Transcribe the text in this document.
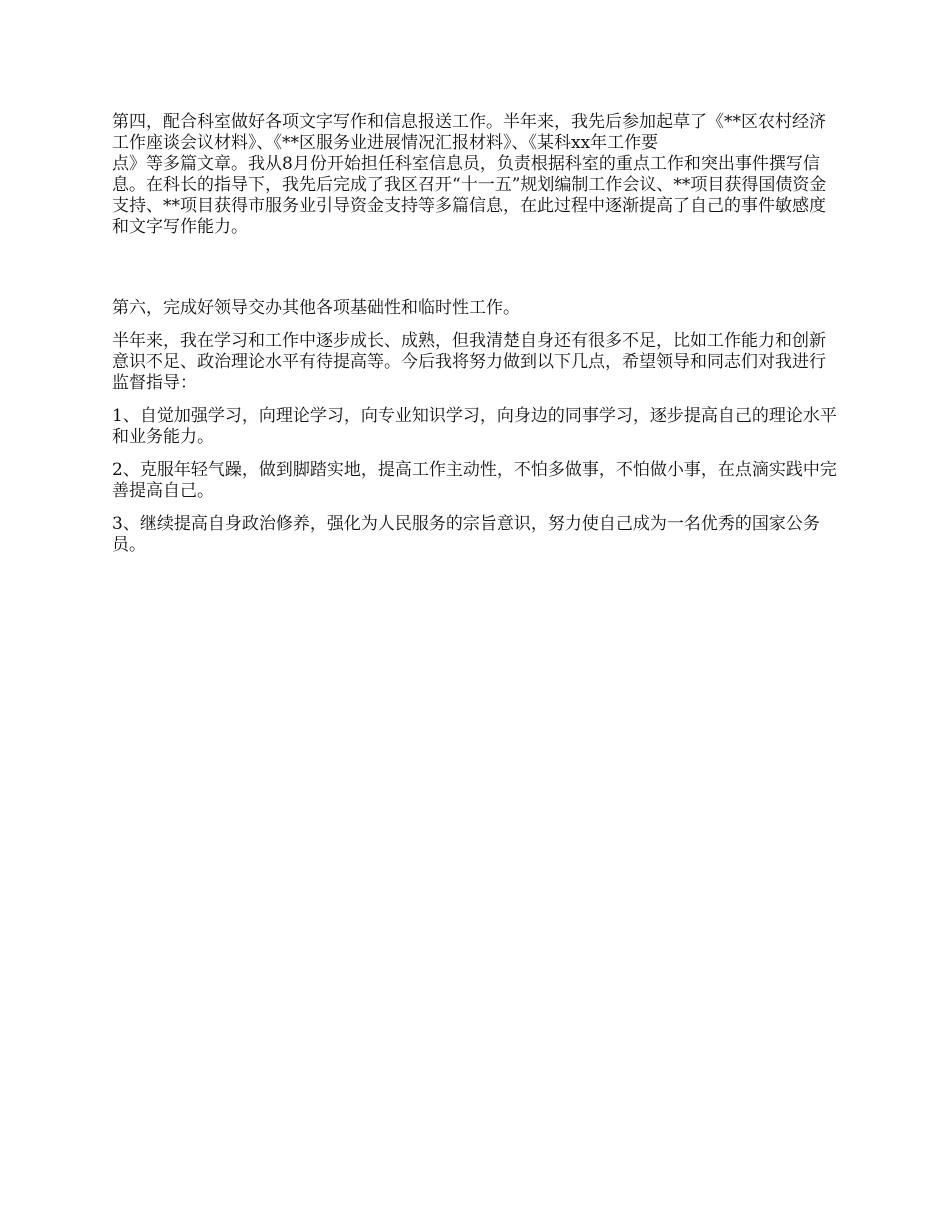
第四，配合科室做好各项文字写作和信息报送工作。半年来，我先后参加起草了《**区农村经济工作座谈会议材料》、《**区服务业进展情况汇报材料》、《某科xx年工作要
点》等多篇文章。我从8月份开始担任科室信息员，负责根据科室的重点工作和突出事件撰写信息。在科长的指导下，我先后完成了我区召开“十一五”规划编制工作会议、**项目获得国债资金支持、**项目获得市服务业引导资金支持等多篇信息，在此过程中逐渐提高了自己的事件敏感度和文字写作能力。

第六，完成好领导交办其他各项基础性和临时性工作。

半年来，我在学习和工作中逐步成长、成熟，但我清楚自身还有很多不足，比如工作能力和创新意识不足、政治理论水平有待提高等。今后我将努力做到以下几点，希望领导和同志们对我进行监督指导：

1、自觉加强学习，向理论学习，向专业知识学习，向身边的同事学习，逐步提高自己的理论水平和业务能力。

2、克服年轻气躁，做到脚踏实地，提高工作主动性，不怕多做事，不怕做小事，在点滴实践中完善提高自己。

3、继续提高自身政治修养，强化为人民服务的宗旨意识，努力使自己成为一名优秀的国家公务员。
